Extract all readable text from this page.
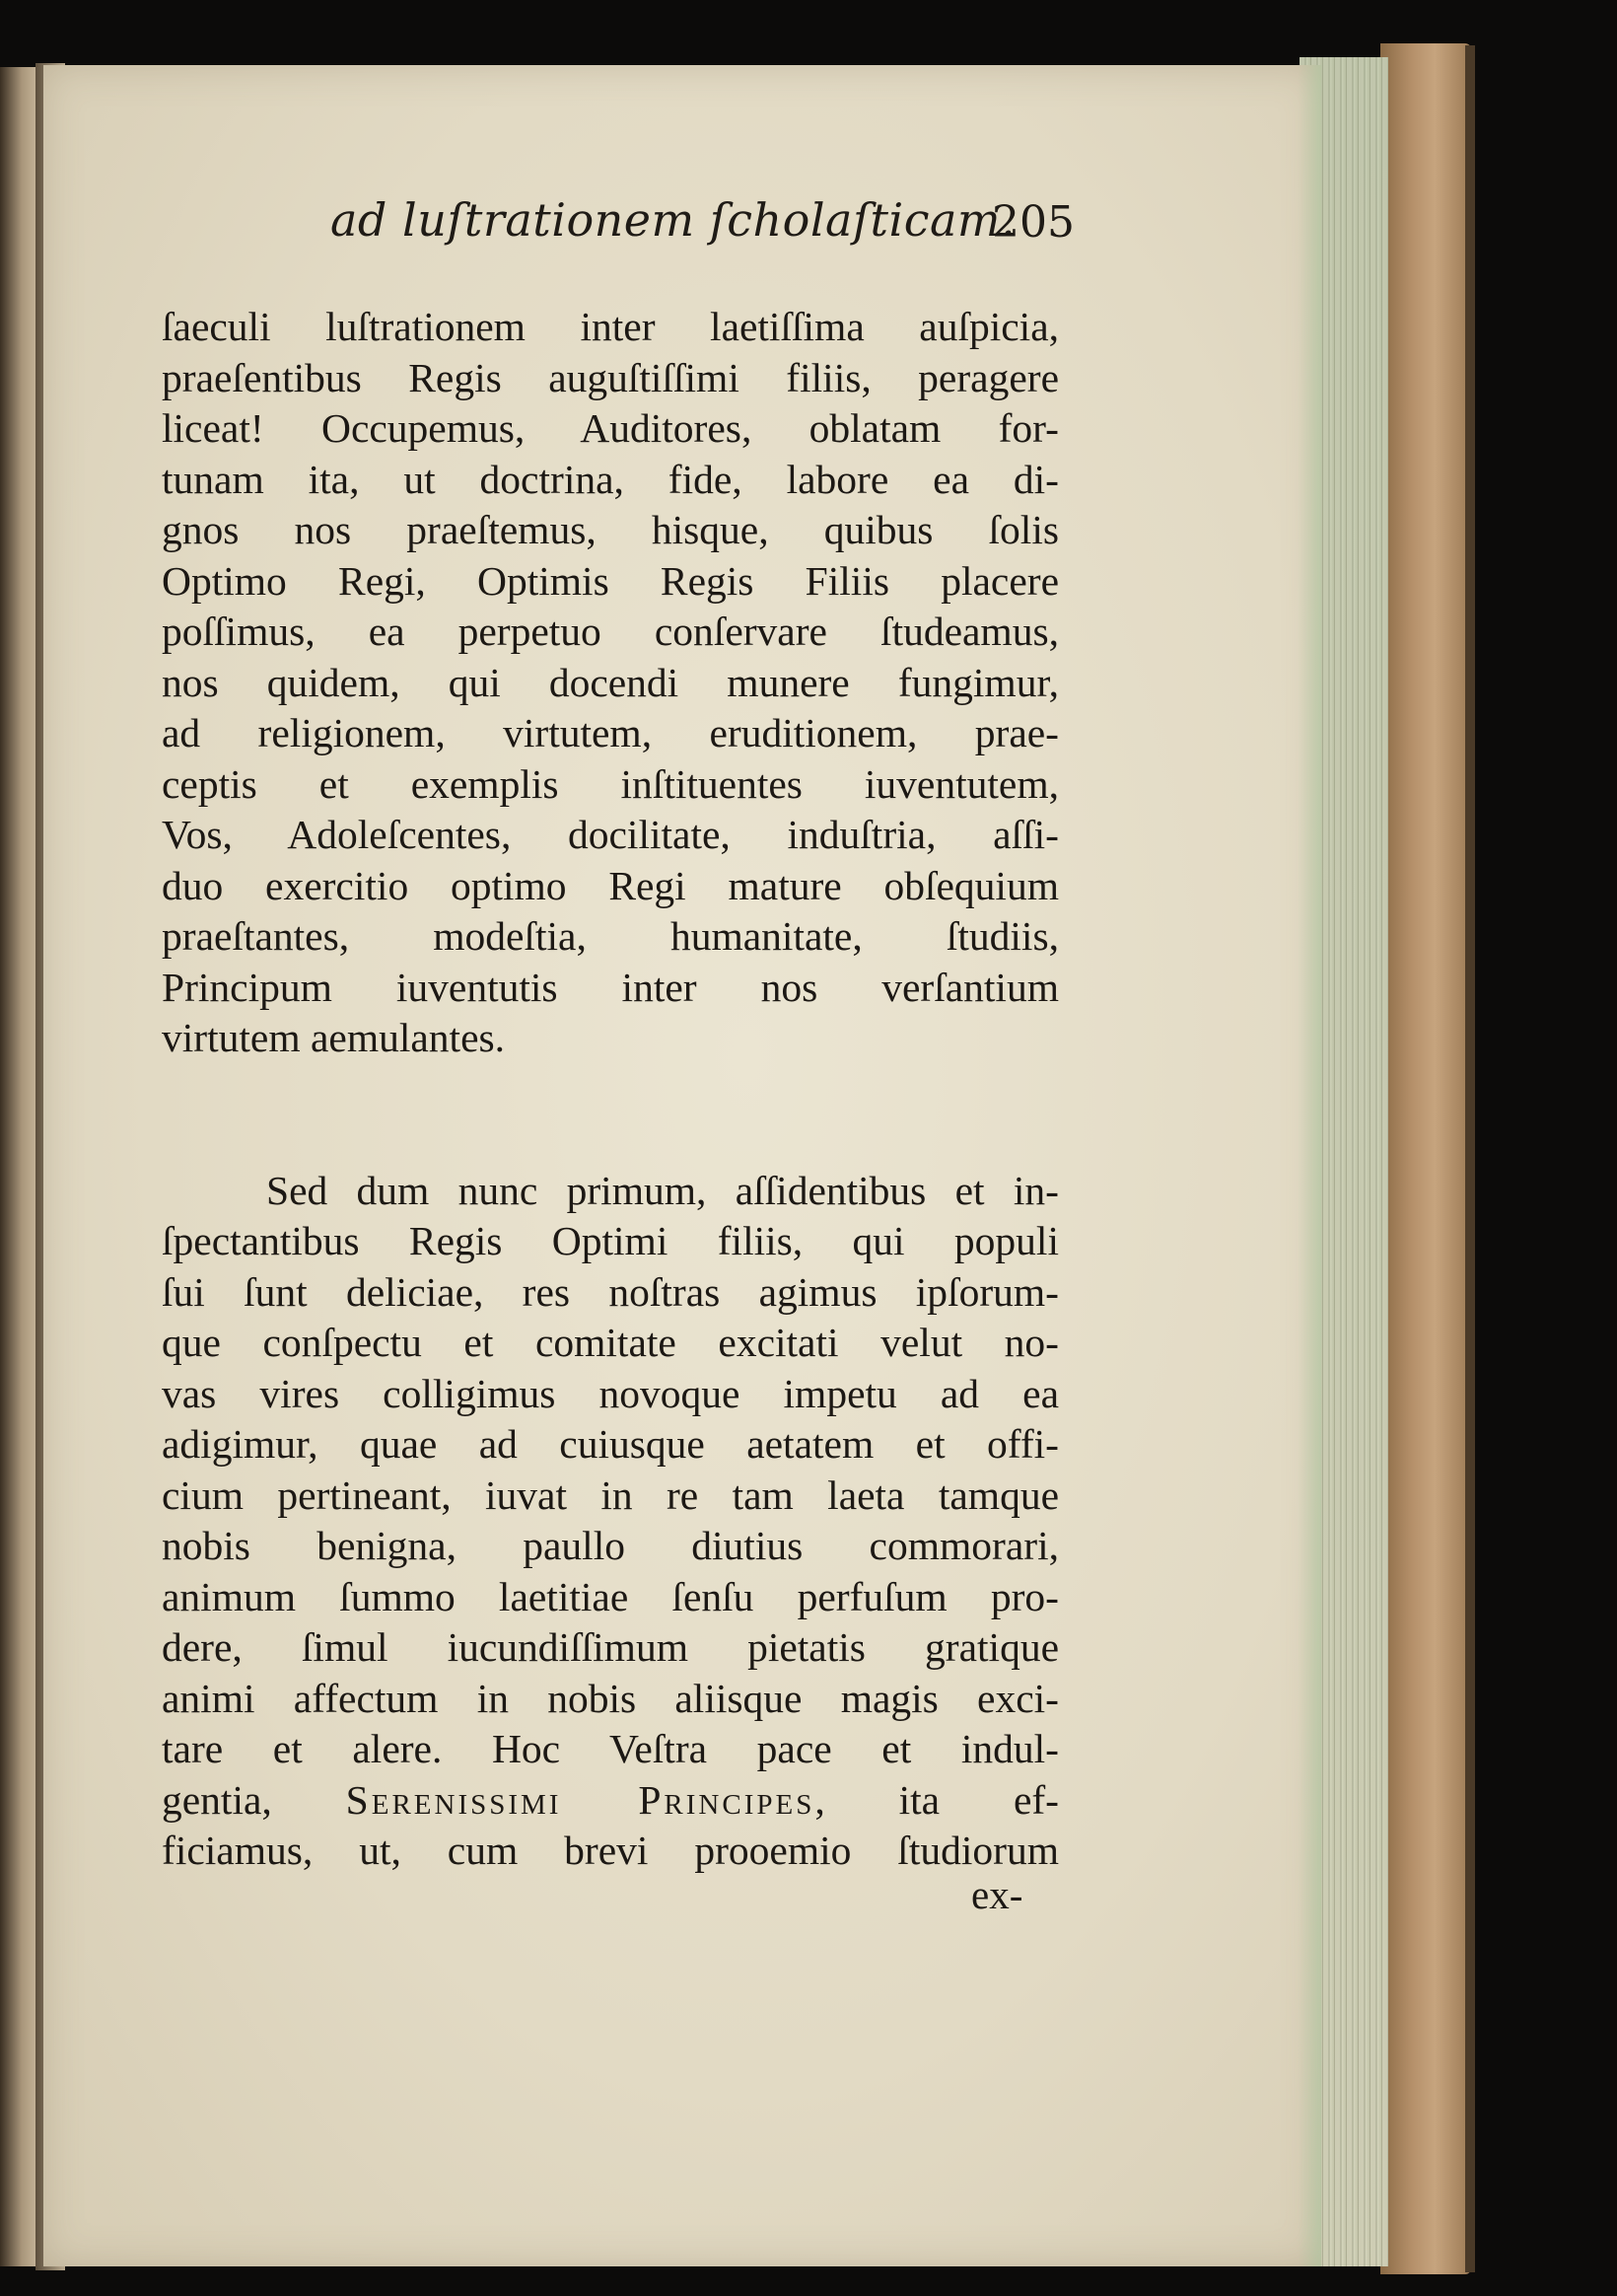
ad luſtrationem ſcholaſticam.
205
ſaeculi luſtrationem inter laetiſſima auſpicia,
praeſentibus Regis auguſtiſſimi filiis, peragere
liceat! Occupemus, Auditores, oblatam for-
tunam ita, ut doctrina, fide, labore ea di-
gnos nos praeſtemus, hisque, quibus ſolis
Optimo Regi, Optimis Regis Filiis placere
poſſimus, ea perpetuo conſervare ſtudeamus,
nos quidem, qui docendi munere fungimur,
ad religionem, virtutem, eruditionem, prae-
ceptis et exemplis inſtituentes iuventutem,
Vos, Adoleſcentes, docilitate, induſtria, aſſi-
duo exercitio optimo Regi mature obſequium
praeſtantes, modeſtia, humanitate, ſtudiis,
Principum iuventutis inter nos verſantium
virtutem aemulantes.
Sed dum nunc primum, aſſidentibus et in-
ſpectantibus Regis Optimi filiis, qui populi
ſui ſunt deliciae, res noſtras agimus ipſorum-
que conſpectu et comitate excitati velut no-
vas vires colligimus novoque impetu ad ea
adigimur, quae ad cuiusque aetatem et offi-
cium pertineant, iuvat in re tam laeta tamque
nobis benigna, paullo diutius commorari,
animum ſummo laetitiae ſenſu perfuſum pro-
dere, ſimul iucundiſſimum pietatis gratique
animi affectum in nobis aliisque magis exci-
tare et alere. Hoc Veſtra pace et indul-
gentia, Serenissimi Principes, ita ef-
ficiamus, ut, cum brevi prooemio ſtudiorum
ex-
